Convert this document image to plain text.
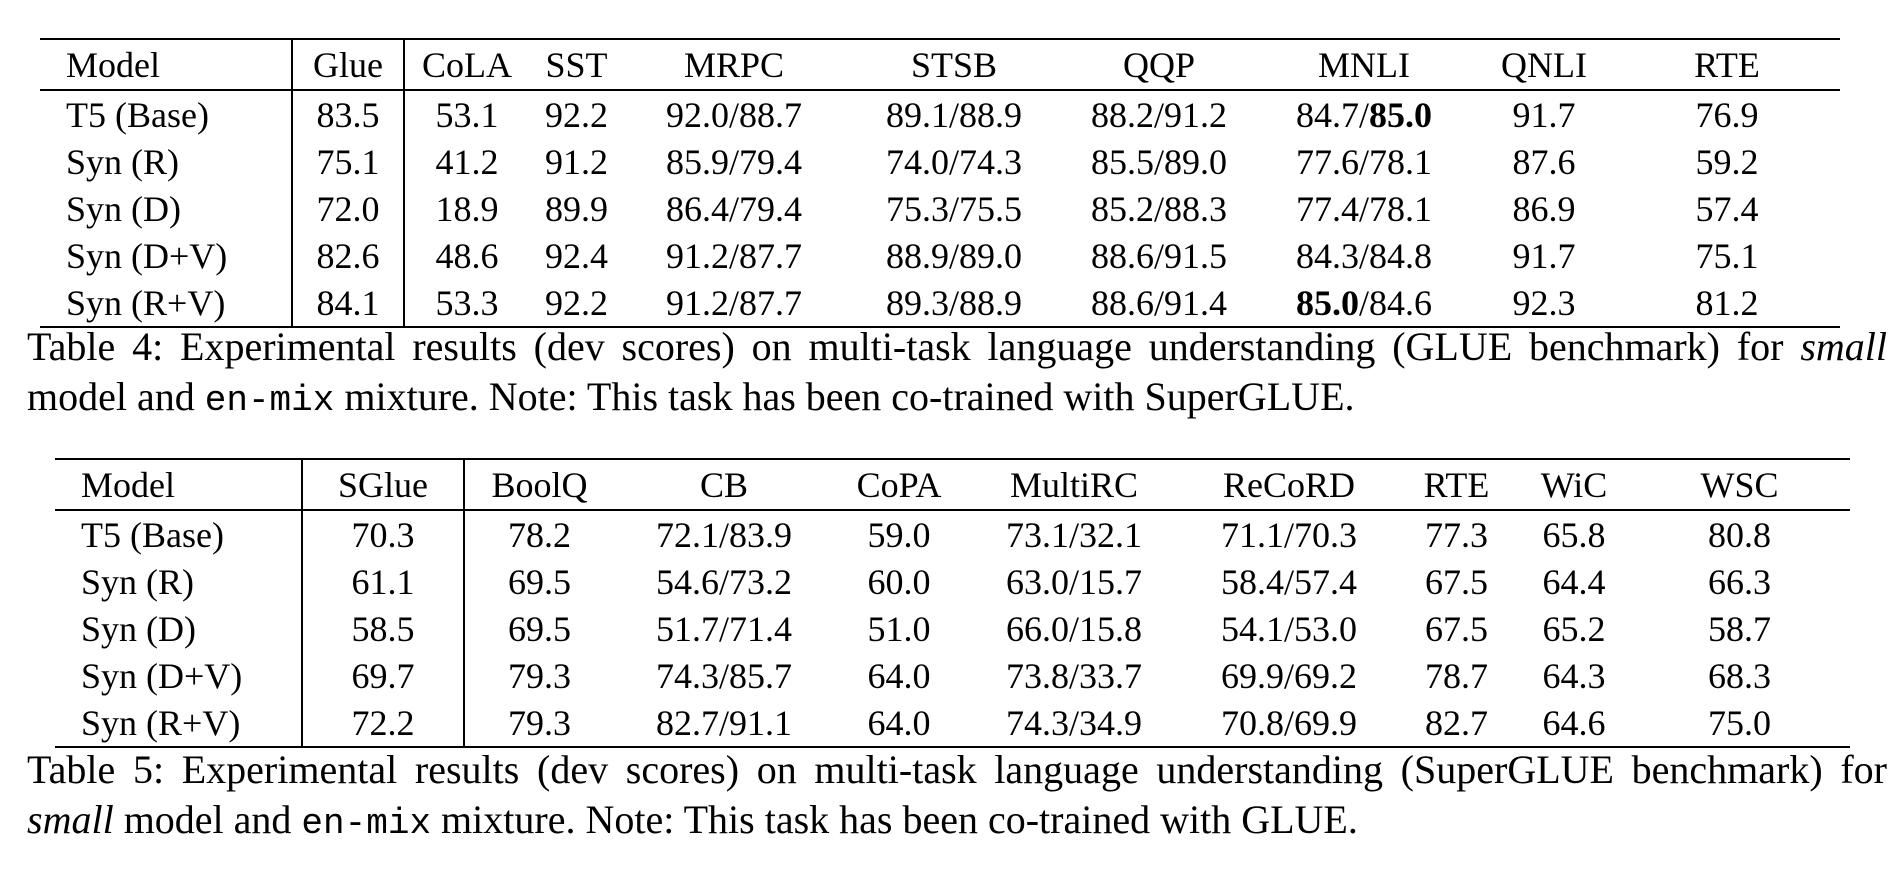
Model	Glue	CoLA	SST	MRPC	STSB	QQP	MNLI	QNLI	RTE
T5 (Base)	83.5	53.1	92.2	92.0/88.7	89.1/88.9	88.2/91.2	84.7/85.0	91.7	76.9
Syn (R)	75.1	41.2	91.2	85.9/79.4	74.0/74.3	85.5/89.0	77.6/78.1	87.6	59.2
Syn (D)	72.0	18.9	89.9	86.4/79.4	75.3/75.5	85.2/88.3	77.4/78.1	86.9	57.4
Syn (D+V)	82.6	48.6	92.4	91.2/87.7	88.9/89.0	88.6/91.5	84.3/84.8	91.7	75.1
Syn (R+V)	84.1	53.3	92.2	91.2/87.7	89.3/88.9	88.6/91.4	85.0/84.6	92.3	81.2
Table 4: Experimental results (dev scores) on multi-task language understanding (GLUE benchmark) for small model and en-mix mixture. Note: This task has been co-trained with SuperGLUE.
Model	SGlue	BoolQ	CB	CoPA	MultiRC	ReCoRD	RTE	WiC	WSC
T5 (Base)	70.3	78.2	72.1/83.9	59.0	73.1/32.1	71.1/70.3	77.3	65.8	80.8
Syn (R)	61.1	69.5	54.6/73.2	60.0	63.0/15.7	58.4/57.4	67.5	64.4	66.3
Syn (D)	58.5	69.5	51.7/71.4	51.0	66.0/15.8	54.1/53.0	67.5	65.2	58.7
Syn (D+V)	69.7	79.3	74.3/85.7	64.0	73.8/33.7	69.9/69.2	78.7	64.3	68.3
Syn (R+V)	72.2	79.3	82.7/91.1	64.0	74.3/34.9	70.8/69.9	82.7	64.6	75.0
Table 5: Experimental results (dev scores) on multi-task language understanding (SuperGLUE benchmark) for small model and en-mix mixture. Note: This task has been co-trained with GLUE.
